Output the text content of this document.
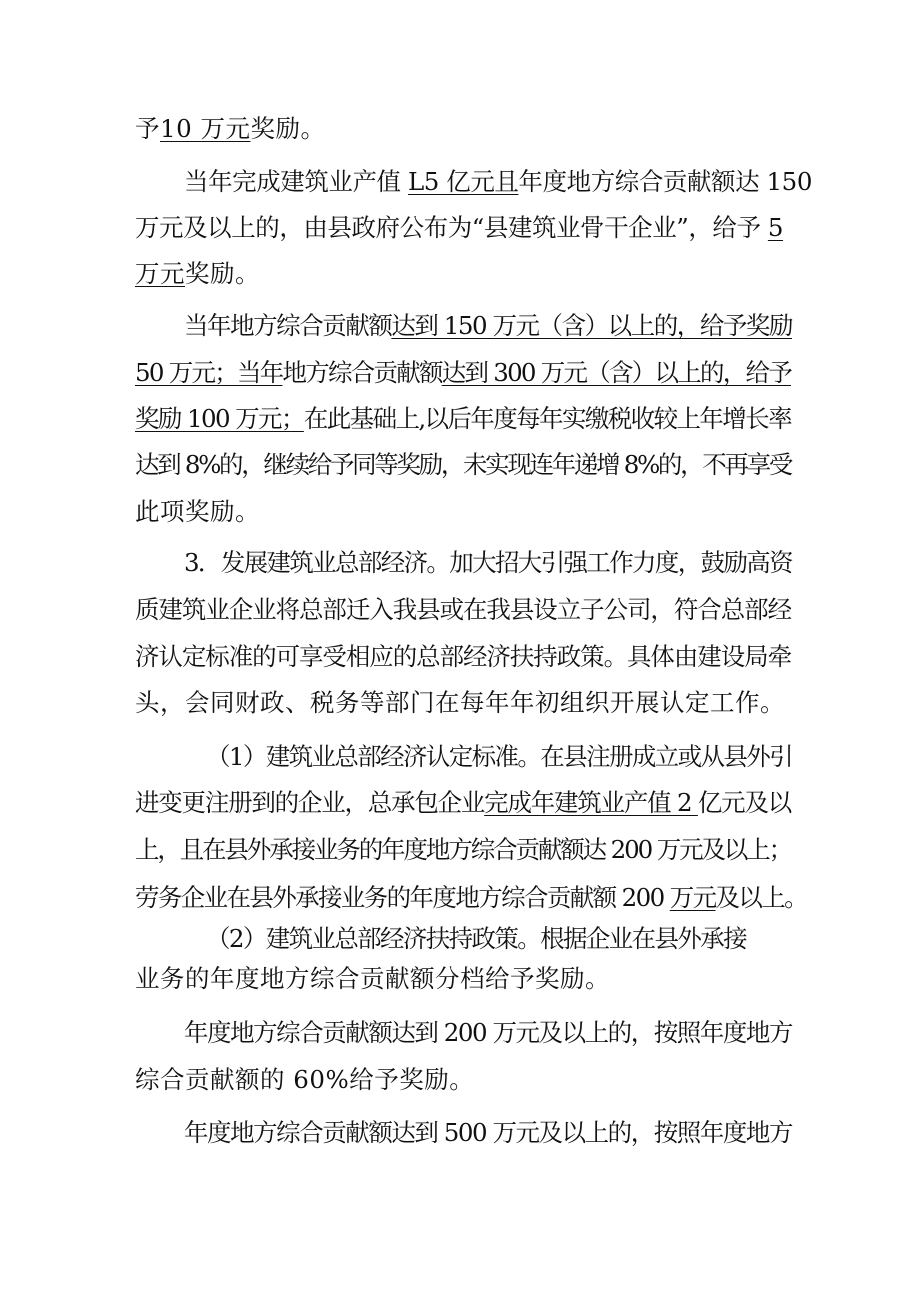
予10 万元奖励。
当年完成建筑业产值 L5 亿元且年度地方综合贡献额达 150
万元及以上的，由县政府公布为“县建筑业骨干企业”，给予 5
万元奖励。
当年地方综合贡献额达到 150 万元（含）以上的，给予奖励
50 万元；当年地方综合贡献额达到 300 万元（含）以上的，给予
奖励 100 万元；在此基础上,以后年度每年实缴税收较上年增长率
达到 8%的，继续给予同等奖励，未实现连年递增 8%的，不再享受
此项奖励。
3．发展建筑业总部经济。加大招大引强工作力度，鼓励高资
质建筑业企业将总部迁入我县或在我县设立子公司，符合总部经
济认定标准的可享受相应的总部经济扶持政策。具体由建设局牵
头，会同财政、税务等部门在每年年初组织开展认定工作。
（1）建筑业总部经济认定标准。在县注册成立或从县外引
进变更注册到的企业，总承包企业完成年建筑业产值 2 亿元及以
上，且在县外承接业务的年度地方综合贡献额达 200 万元及以上；
劳务企业在县外承接业务的年度地方综合贡献额 200 万元及以上。
（2）建筑业总部经济扶持政策。根据企业在县外承接
业务的年度地方综合贡献额分档给予奖励。
年度地方综合贡献额达到 200 万元及以上的，按照年度地方
综合贡献额的 60%给予奖励。
年度地方综合贡献额达到 500 万元及以上的，按照年度地方
